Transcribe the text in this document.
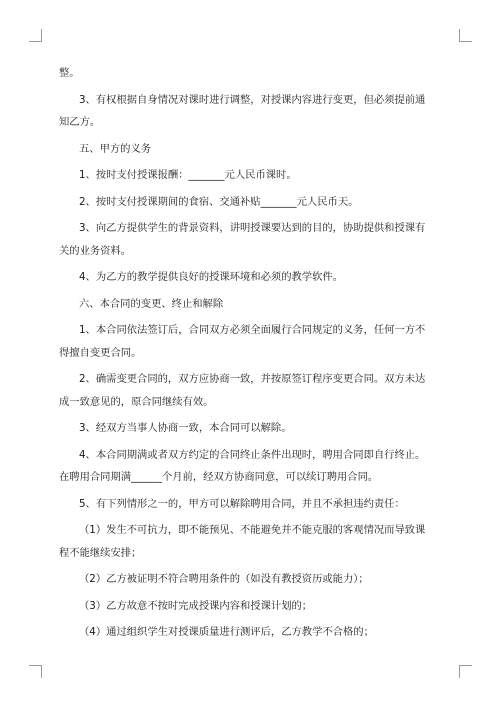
整。

3、有权根据自身情况对课时进行调整，对授课内容进行变更，但必须提前通知乙方。

五、甲方的义务

1、按时支付授课报酬：_______元人民币课时。

2、按时支付授课期间的食宿、交通补贴_______元人民币天。

3、向乙方提供学生的背景资料，讲明授课要达到的目的，协助提供和授课有关的业务资料。

4、为乙方的教学提供良好的授课环境和必须的教学软件。

六、本合同的变更、终止和解除

1、本合同依法签订后，合同双方必须全面履行合同规定的义务，任何一方不得擅自变更合同。

2、确需变更合同的，双方应协商一致，并按原签订程序变更合同。双方未达成一致意见的，原合同继续有效。

3、经双方当事人协商一致，本合同可以解除。

4、本合同期满或者双方约定的合同终止条件出现时，聘用合同即自行终止。在聘用合同期满______个月前，经双方协商同意，可以续订聘用合同。

5、有下列情形之一的，甲方可以解除聘用合同，并且不承担违约责任：

（1）发生不可抗力，即不能预见、不能避免并不能克服的客观情况而导致课程不能继续安排；

（2）乙方被证明不符合聘用条件的（如没有教授资历或能力）；

（3）乙方故意不按时完成授课内容和授课计划的；

（4）通过组织学生对授课质量进行测评后，乙方教学不合格的；
